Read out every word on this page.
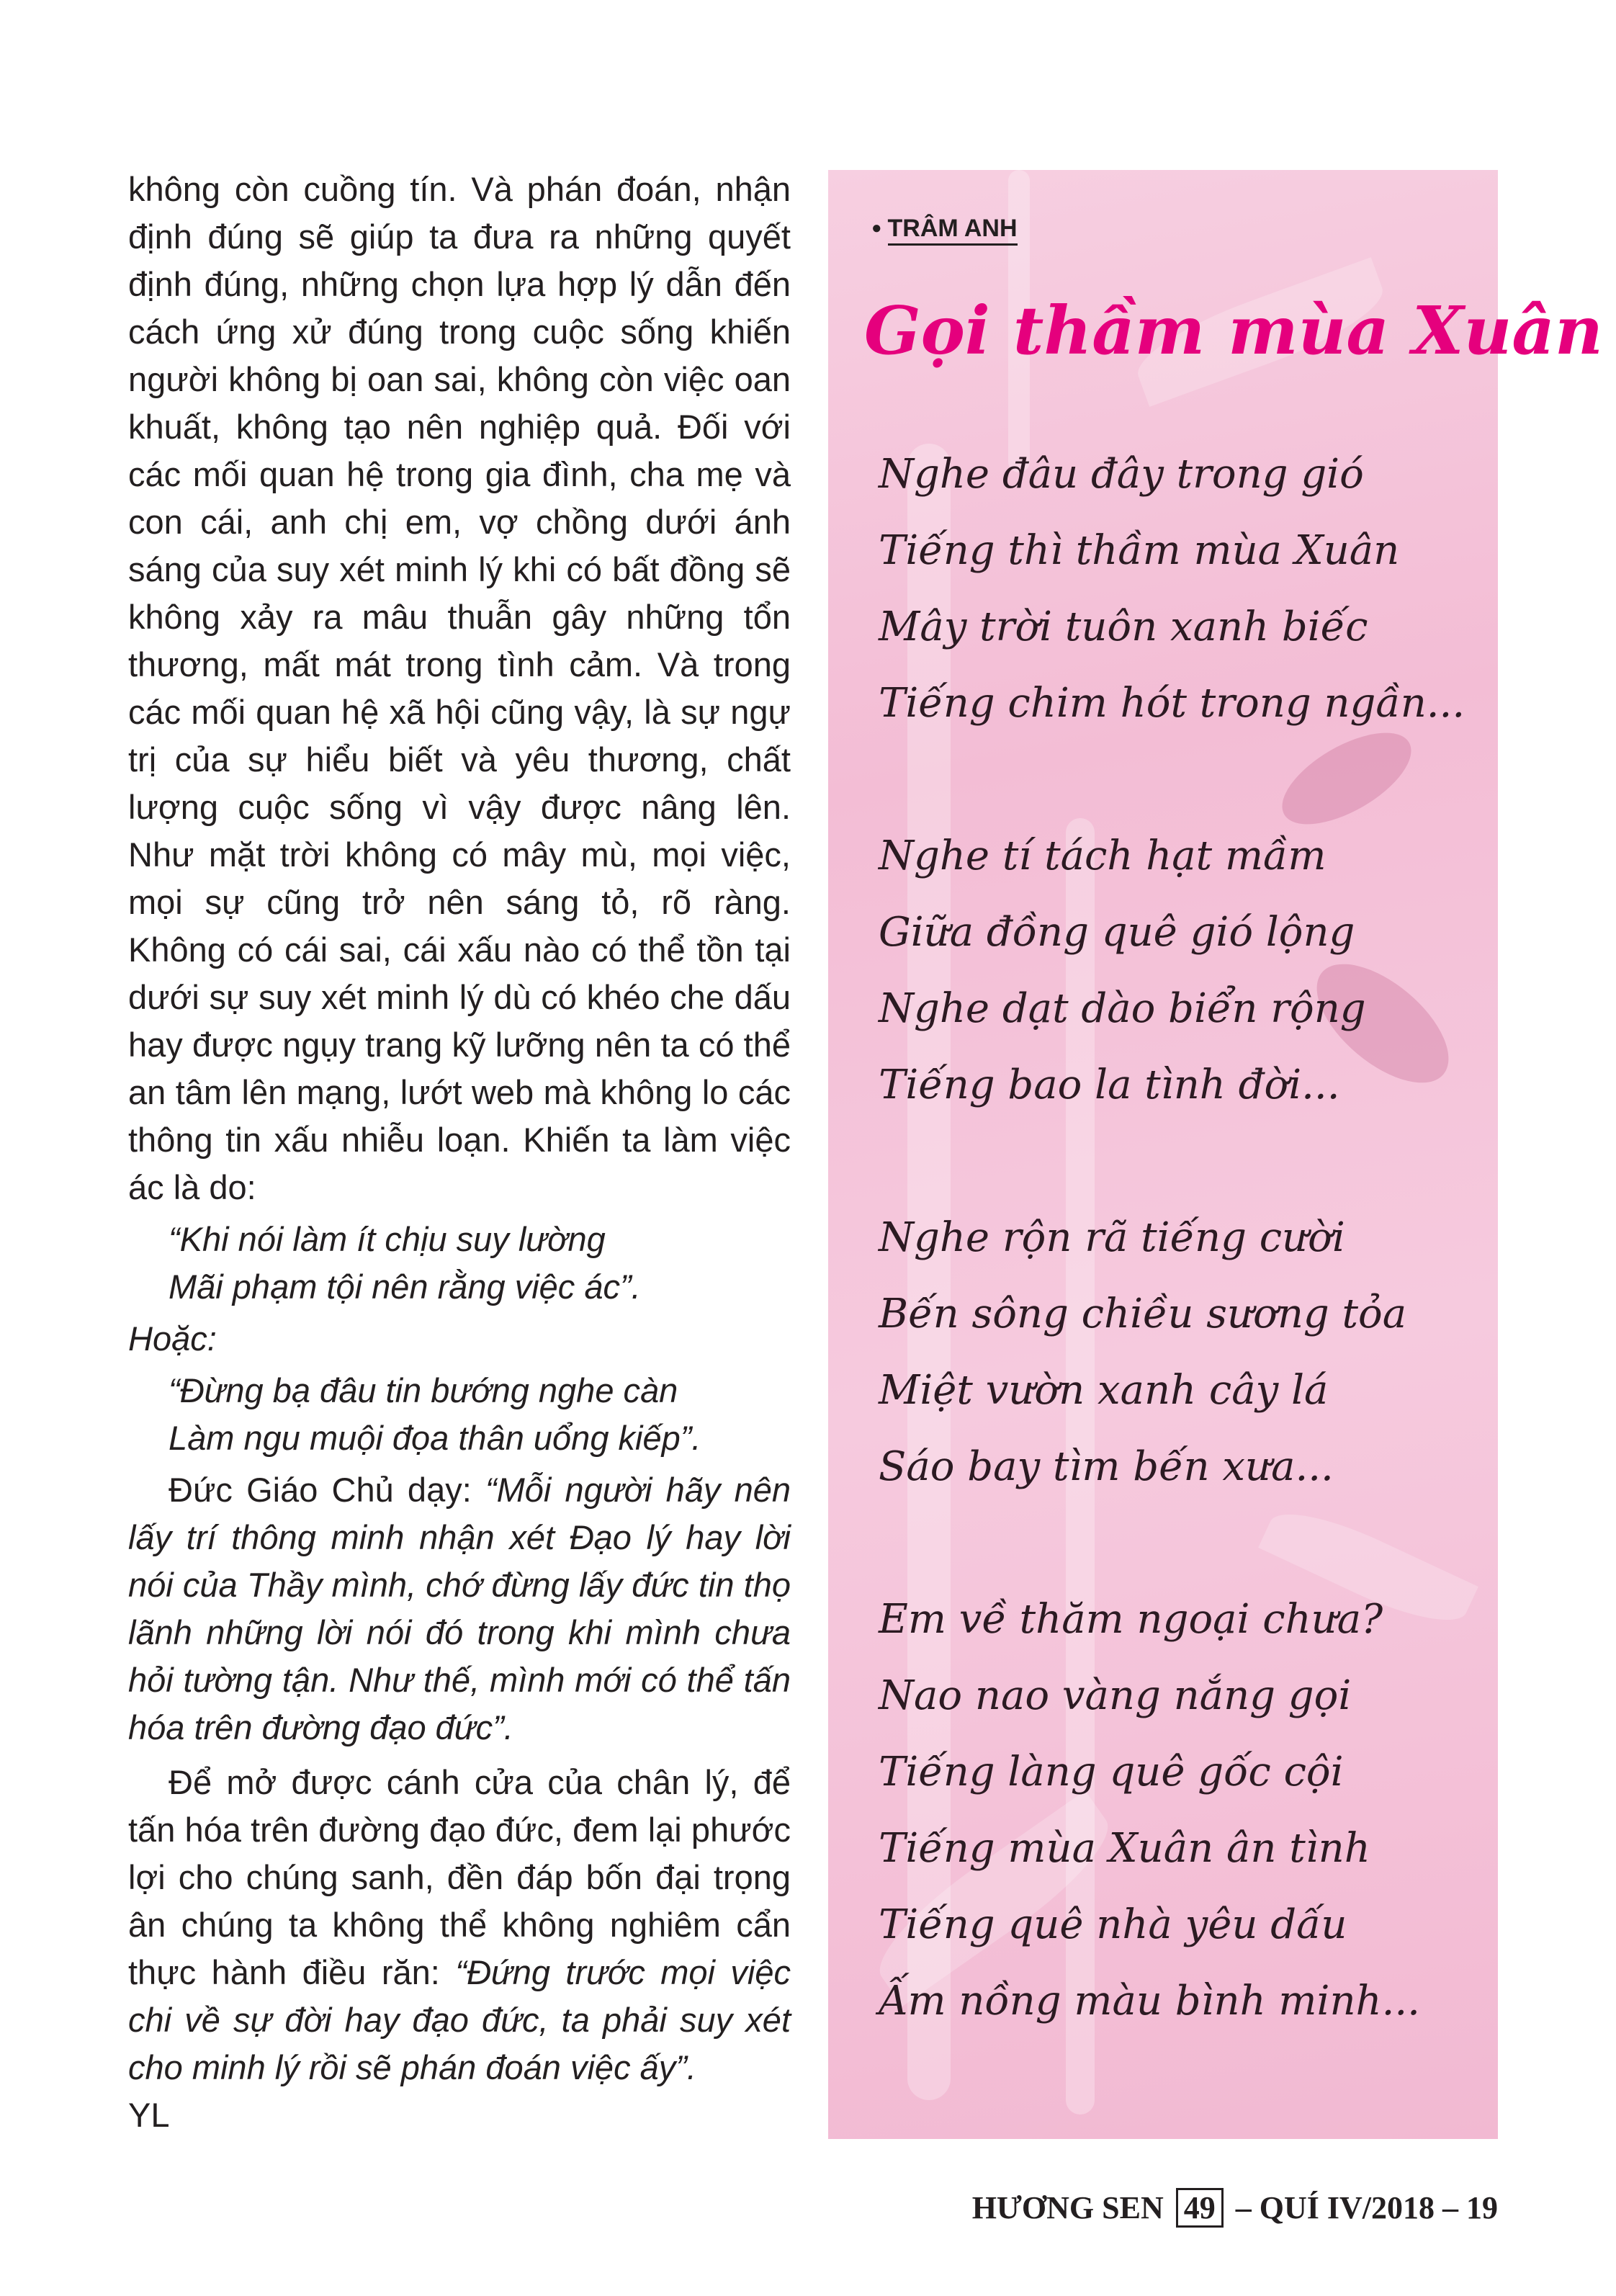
không còn cuồng tín. Và phán đoán, nhận định đúng sẽ giúp ta đưa ra những quyết định đúng, những chọn lựa hợp lý dẫn đến cách ứng xử đúng trong cuộc sống khiến người không bị oan sai, không còn việc oan khuất, không tạo nên nghiệp quả. Đối với các mối quan hệ trong gia đình, cha mẹ và con cái, anh chị em, vợ chồng dưới ánh sáng của suy xét minh lý khi có bất đồng sẽ không xảy ra mâu thuẫn gây những tổn thương, mất mát trong tình cảm. Và trong các mối quan hệ xã hội cũng vậy, là sự ngự trị của sự hiểu biết và yêu thương, chất lượng cuộc sống vì vậy được nâng lên. Như mặt trời không có mây mù, mọi việc, mọi sự cũng trở nên sáng tỏ, rõ ràng. Không có cái sai, cái xấu nào có thể tồn tại dưới sự suy xét minh lý dù có khéo che dấu hay được ngụy trang kỹ lưỡng nên ta có thể an tâm lên mạng, lướt web mà không lo các thông tin xấu nhiễu loạn. Khiến ta làm việc ác là do:

“Khi nói làm ít chịu suy lường
Mãi phạm tội nên rằng việc ác”.

Hoặc:

“Đừng bạ đâu tin bướng nghe càn
Làm ngu muội đọa thân uổng kiếp”.

Đức Giáo Chủ dạy: “Mỗi người hãy nên lấy trí thông minh nhận xét Đạo lý hay lời nói của Thầy mình, chớ đừng lấy đức tin thọ lãnh những lời nói đó trong khi mình chưa hỏi tường tận. Như thế, mình mới có thể tấn hóa trên đường đạo đức”.

Để mở được cánh cửa của chân lý, để tấn hóa trên đường đạo đức, đem lại phước lợi cho chúng sanh, đền đáp bốn đại trọng ân chúng ta không thể không nghiêm cẩn thực hành điều răn: “Đứng trước mọi việc chi về sự đời hay đạo đức, ta phải suy xét cho minh lý rồi sẽ phán đoán việc ấy”.

YL

● TRÂM ANH
Gọi thầm mùa Xuân
Nghe đâu đây trong gió
Tiếng thì thầm mùa Xuân
Mây trời tuôn xanh biếc
Tiếng chim hót trong ngần...
Nghe tí tách hạt mầm
Giữa đồng quê gió lộng
Nghe dạt dào biển rộng
Tiếng bao la tình đời...
Nghe rộn rã tiếng cười
Bến sông chiều sương tỏa
Miệt vườn xanh cây lá
Sáo bay tìm bến xưa...
Em về thăm ngoại chưa?
Nao nao vàng nắng gọi
Tiếng làng quê gốc cội
Tiếng mùa Xuân ân tình
Tiếng quê nhà yêu dấu
Ấm nồng màu bình minh...
HƯƠNG SEN 49 – QUÍ IV/2018 – 19
